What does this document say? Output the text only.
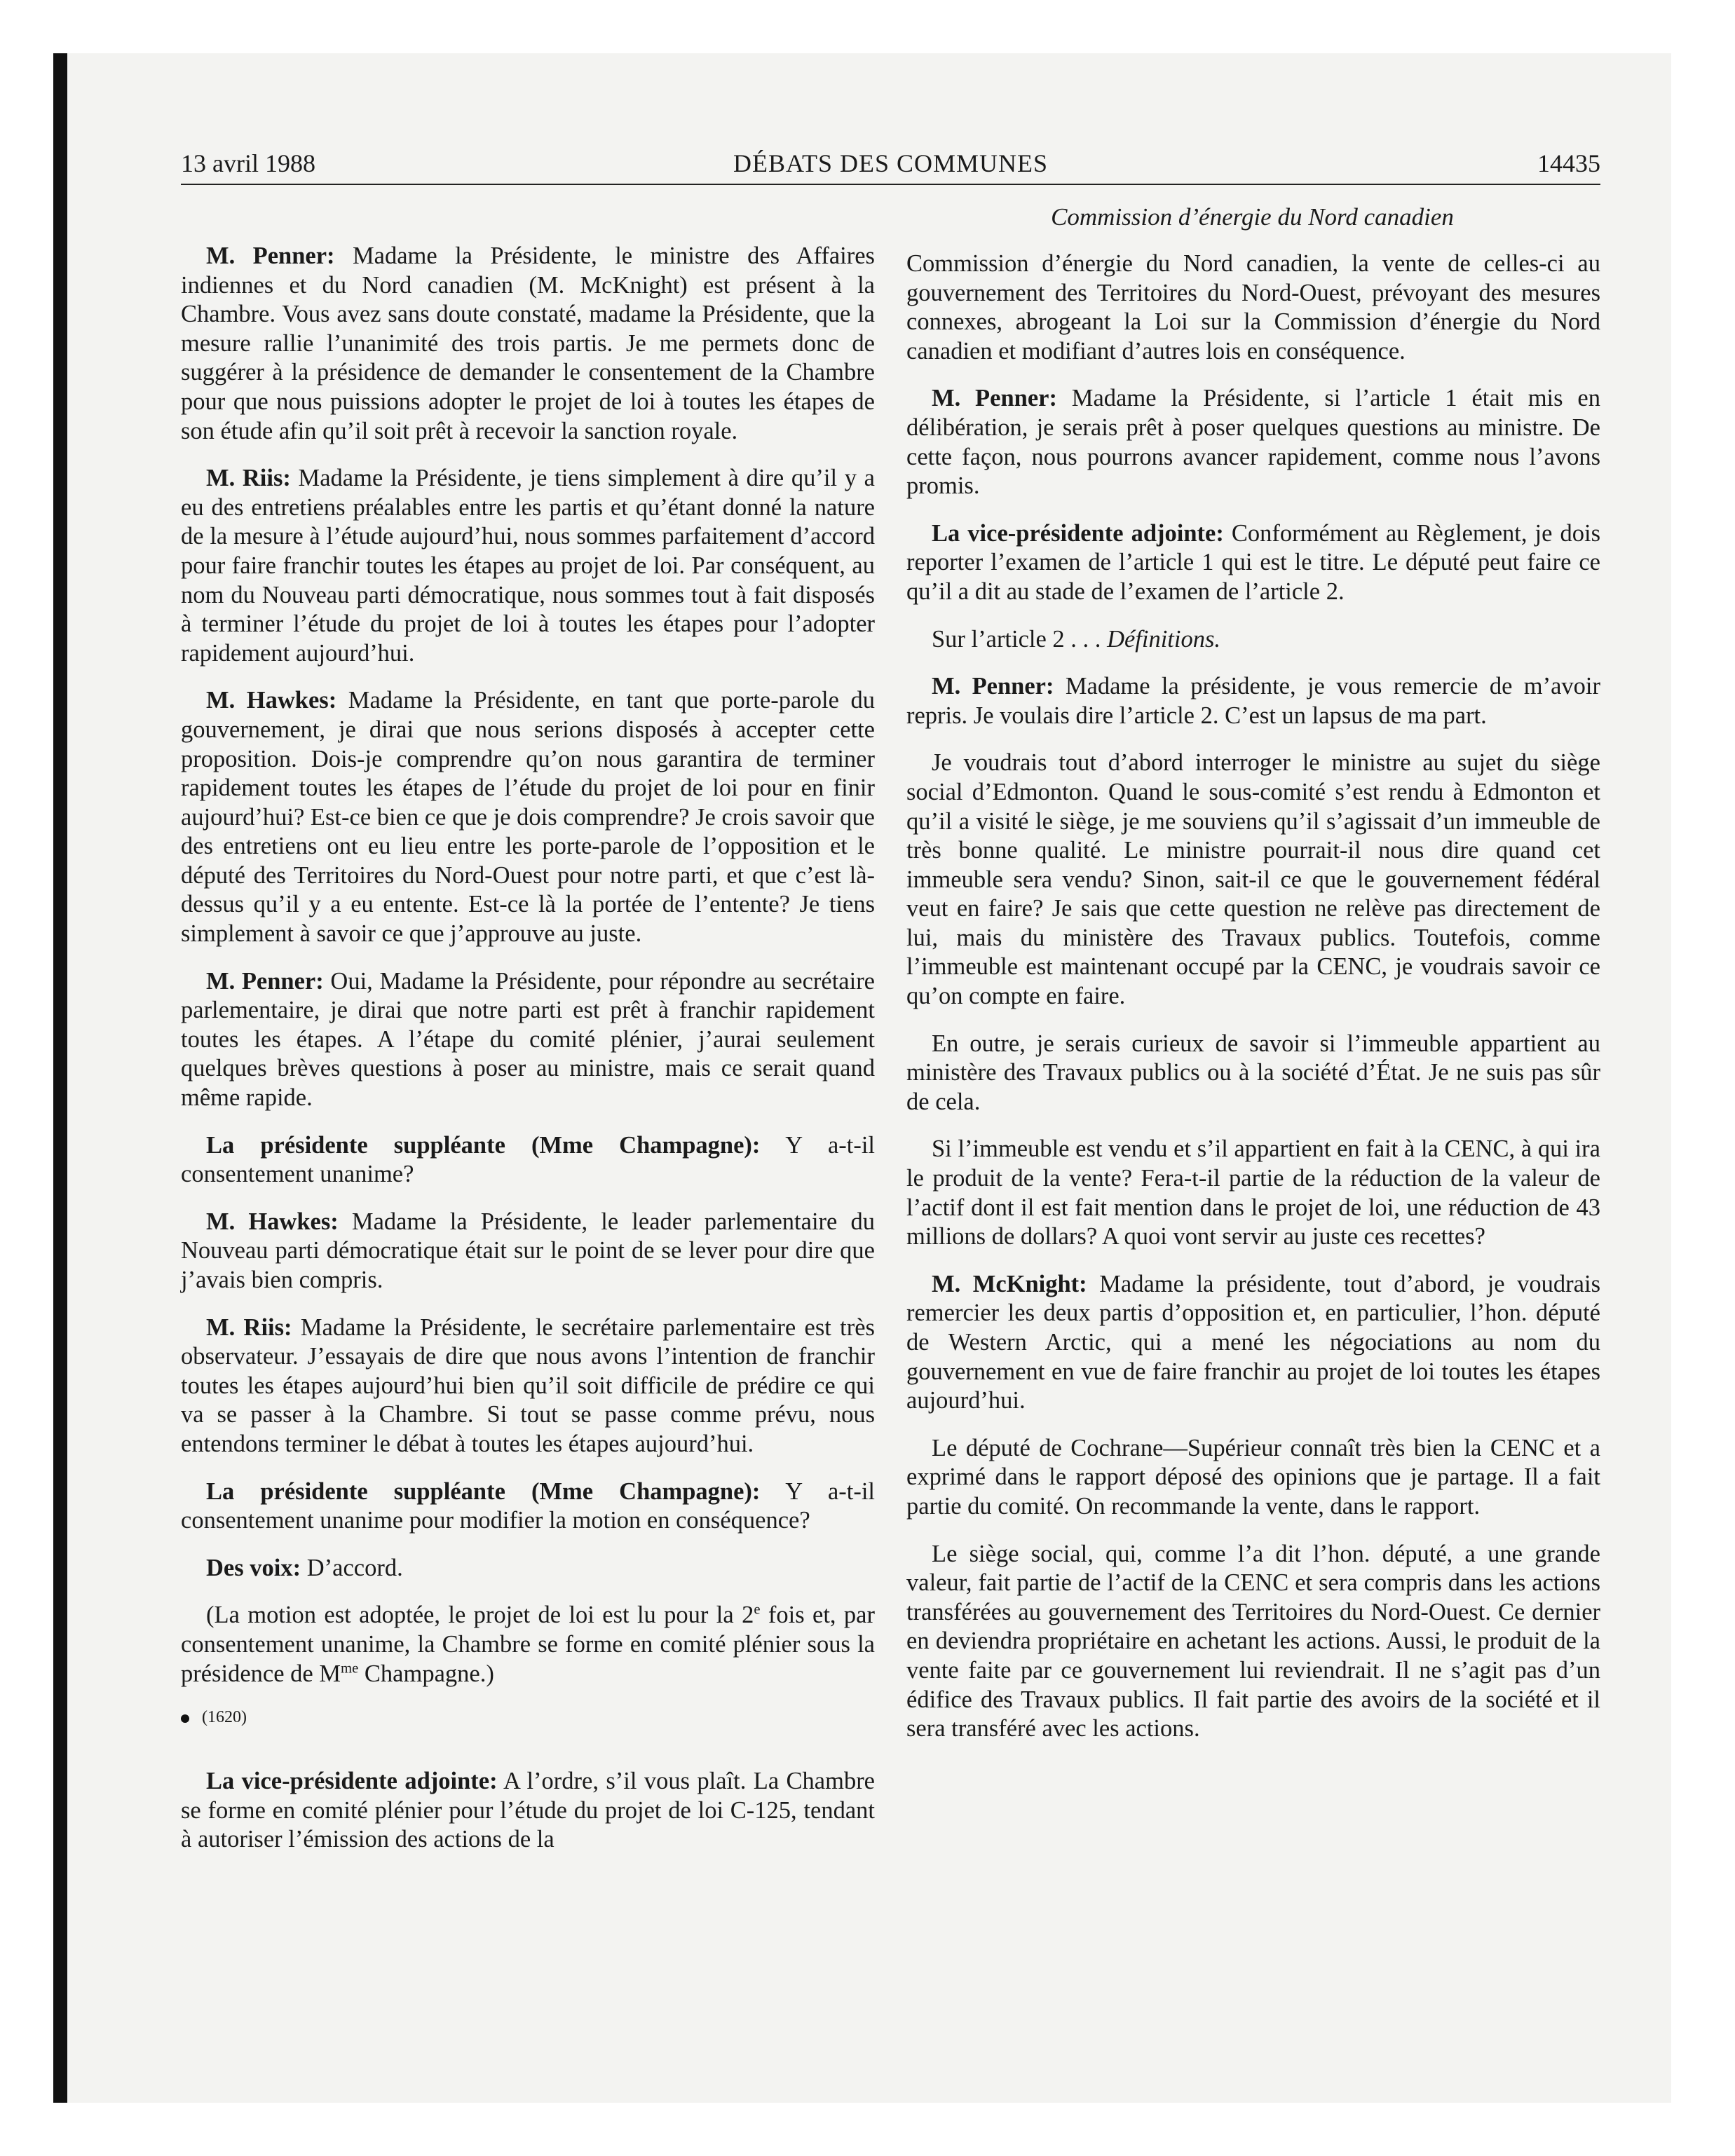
13 avril 1988	DÉBATS DES COMMUNES	14435
Commission d’énergie du Nord canadien

M. Penner: Madame la Présidente, le ministre des Affaires indiennes et du Nord canadien (M. McKnight) est présent à la Chambre. Vous avez sans doute constaté, madame la Présidente, que la mesure rallie l’unanimité des trois partis. Je me permets donc de suggérer à la présidence de demander le consentement de la Chambre pour que nous puissions adopter le projet de loi à toutes les étapes de son étude afin qu’il soit prêt à recevoir la sanction royale.

M. Riis: Madame la Présidente, je tiens simplement à dire qu’il y a eu des entretiens préalables entre les partis et qu’étant donné la nature de la mesure à l’étude aujourd’hui, nous sommes parfaitement d’accord pour faire franchir toutes les étapes au projet de loi. Par conséquent, au nom du Nouveau parti démocratique, nous sommes tout à fait disposés à terminer l’étude du projet de loi à toutes les étapes pour l’adopter rapidement aujourd’hui.

M. Hawkes: Madame la Présidente, en tant que porte-parole du gouvernement, je dirai que nous serions disposés à accepter cette proposition. Dois-je comprendre qu’on nous garantira de terminer rapidement toutes les étapes de l’étude du projet de loi pour en finir aujourd’hui? Est-ce bien ce que je dois comprendre? Je crois savoir que des entretiens ont eu lieu entre les porte-parole de l’opposition et le député des Territoires du Nord-Ouest pour notre parti, et que c’est là-dessus qu’il y a eu entente. Est-ce là la portée de l’entente? Je tiens simplement à savoir ce que j’approuve au juste.

M. Penner: Oui, Madame la Présidente, pour répondre au secrétaire parlementaire, je dirai que notre parti est prêt à franchir rapidement toutes les étapes. A l’étape du comité plénier, j’aurai seulement quelques brèves questions à poser au ministre, mais ce serait quand même rapide.

La présidente suppléante (Mme Champagne): Y a-t-il consentement unanime?

M. Hawkes: Madame la Présidente, le leader parlementaire du Nouveau parti démocratique était sur le point de se lever pour dire que j’avais bien compris.

M. Riis: Madame la Présidente, le secrétaire parlementaire est très observateur. J’essayais de dire que nous avons l’intention de franchir toutes les étapes aujourd’hui bien qu’il soit difficile de prédire ce qui va se passer à la Chambre. Si tout se passe comme prévu, nous entendons terminer le débat à toutes les étapes aujourd’hui.

La présidente suppléante (Mme Champagne): Y a-t-il consentement unanime pour modifier la motion en conséquence?

Des voix: D’accord.

(La motion est adoptée, le projet de loi est lu pour la 2e fois et, par consentement unanime, la Chambre se forme en comité plénier sous la présidence de $M^{me}$ Champagne.)

(1620)

La vice-présidente adjointe: A l’ordre, s’il vous plaît. La Chambre se forme en comité plénier pour l’étude du projet de loi C-125, tendant à autoriser l’émission des actions de la

Commission d’énergie du Nord canadien, la vente de celles-ci au gouvernement des Territoires du Nord-Ouest, prévoyant des mesures connexes, abrogeant la Loi sur la Commission d’énergie du Nord canadien et modifiant d’autres lois en conséquence.

M. Penner: Madame la Présidente, si l’article 1 était mis en délibération, je serais prêt à poser quelques questions au ministre. De cette façon, nous pourrons avancer rapidement, comme nous l’avons promis.

La vice-présidente adjointe: Conformément au Règlement, je dois reporter l’examen de l’article 1 qui est le titre. Le député peut faire ce qu’il a dit au stade de l’examen de l’article 2.

Sur l’article 2 . . . Définitions.

M. Penner: Madame la présidente, je vous remercie de m’avoir repris. Je voulais dire l’article 2. C’est un lapsus de ma part.

Je voudrais tout d’abord interroger le ministre au sujet du siège social d’Edmonton. Quand le sous-comité s’est rendu à Edmonton et qu’il a visité le siège, je me souviens qu’il s’agissait d’un immeuble de très bonne qualité. Le ministre pourrait-il nous dire quand cet immeuble sera vendu? Sinon, sait-il ce que le gouvernement fédéral veut en faire? Je sais que cette question ne relève pas directement de lui, mais du ministère des Travaux publics. Toutefois, comme l’immeuble est maintenant occupé par la CENC, je voudrais savoir ce qu’on compte en faire.

En outre, je serais curieux de savoir si l’immeuble appartient au ministère des Travaux publics ou à la société d’État. Je ne suis pas sûr de cela.

Si l’immeuble est vendu et s’il appartient en fait à la CENC, à qui ira le produit de la vente? Fera-t-il partie de la réduction de la valeur de l’actif dont il est fait mention dans le projet de loi, une réduction de 43 millions de dollars? A quoi vont servir au juste ces recettes?

M. McKnight: Madame la présidente, tout d’abord, je voudrais remercier les deux partis d’opposition et, en particulier, l’hon. député de Western Arctic, qui a mené les négociations au nom du gouvernement en vue de faire franchir au projet de loi toutes les étapes aujourd’hui.

Le député de Cochrane—Supérieur connaît très bien la CENC et a exprimé dans le rapport déposé des opinions que je partage. Il a fait partie du comité. On recommande la vente, dans le rapport.

Le siège social, qui, comme l’a dit l’hon. député, a une grande valeur, fait partie de l’actif de la CENC et sera compris dans les actions transférées au gouvernement des Territoires du Nord-Ouest. Ce dernier en deviendra propriétaire en achetant les actions. Aussi, le produit de la vente faite par ce gouvernement lui reviendrait. Il ne s’agit pas d’un édifice des Travaux publics. Il fait partie des avoirs de la société et il sera transféré avec les actions.
